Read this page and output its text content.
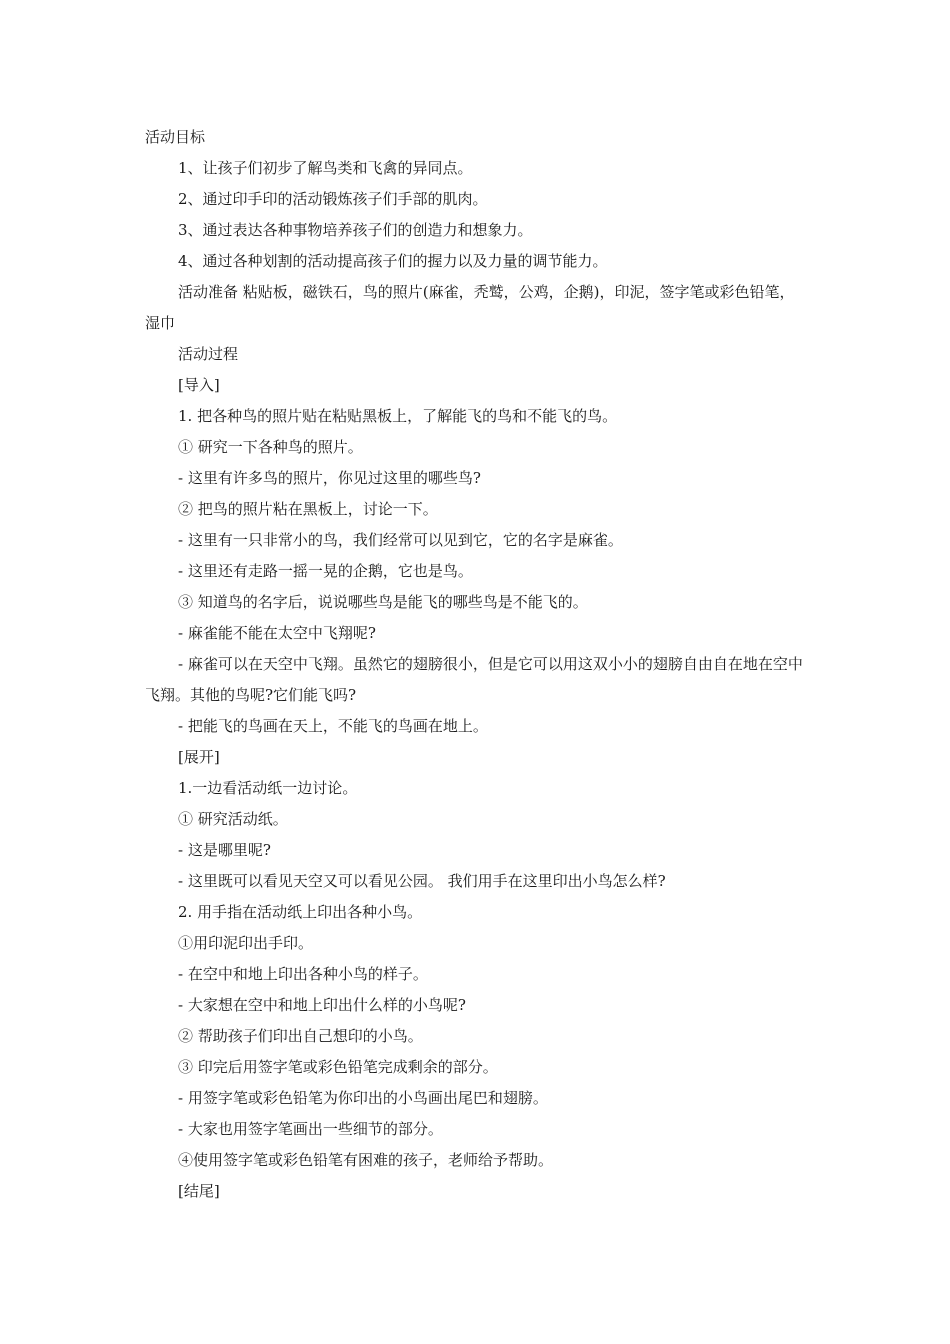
活动目标
1、让孩子们初步了解鸟类和飞禽的异同点。
2、通过印手印的活动锻炼孩子们手部的肌肉。
3、通过表达各种事物培养孩子们的创造力和想象力。
4、通过各种划割的活动提高孩子们的握力以及力量的调节能力。
活动准备 粘贴板，磁铁石，鸟的照片(麻雀，秃鹫，公鸡，企鹅)，印泥，签字笔或彩色铅笔，湿巾
活动过程
[导入]
1. 把各种鸟的照片贴在粘贴黑板上，了解能飞的鸟和不能飞的鸟。
① 研究一下各种鸟的照片。
- 这里有许多鸟的照片，你见过这里的哪些鸟?
② 把鸟的照片粘在黑板上，讨论一下。
- 这里有一只非常小的鸟，我们经常可以见到它，它的名字是麻雀。
- 这里还有走路一摇一晃的企鹅，它也是鸟。
③ 知道鸟的名字后，说说哪些鸟是能飞的哪些鸟是不能飞的。
- 麻雀能不能在太空中飞翔呢?
- 麻雀可以在天空中飞翔。虽然它的翅膀很小，但是它可以用这双小小的翅膀自由自在地在空中飞翔。其他的鸟呢?它们能飞吗?
- 把能飞的鸟画在天上，不能飞的鸟画在地上。
[展开]
1.一边看活动纸一边讨论。
① 研究活动纸。
- 这是哪里呢?
- 这里既可以看见天空又可以看见公园。 我们用手在这里印出小鸟怎么样?
2. 用手指在活动纸上印出各种小鸟。
①用印泥印出手印。
- 在空中和地上印出各种小鸟的样子。
- 大家想在空中和地上印出什么样的小鸟呢?
② 帮助孩子们印出自己想印的小鸟。
③ 印完后用签字笔或彩色铅笔完成剩余的部分。
- 用签字笔或彩色铅笔为你印出的小鸟画出尾巴和翅膀。
- 大家也用签字笔画出一些细节的部分。
④使用签字笔或彩色铅笔有困难的孩子，老师给予帮助。
[结尾]
